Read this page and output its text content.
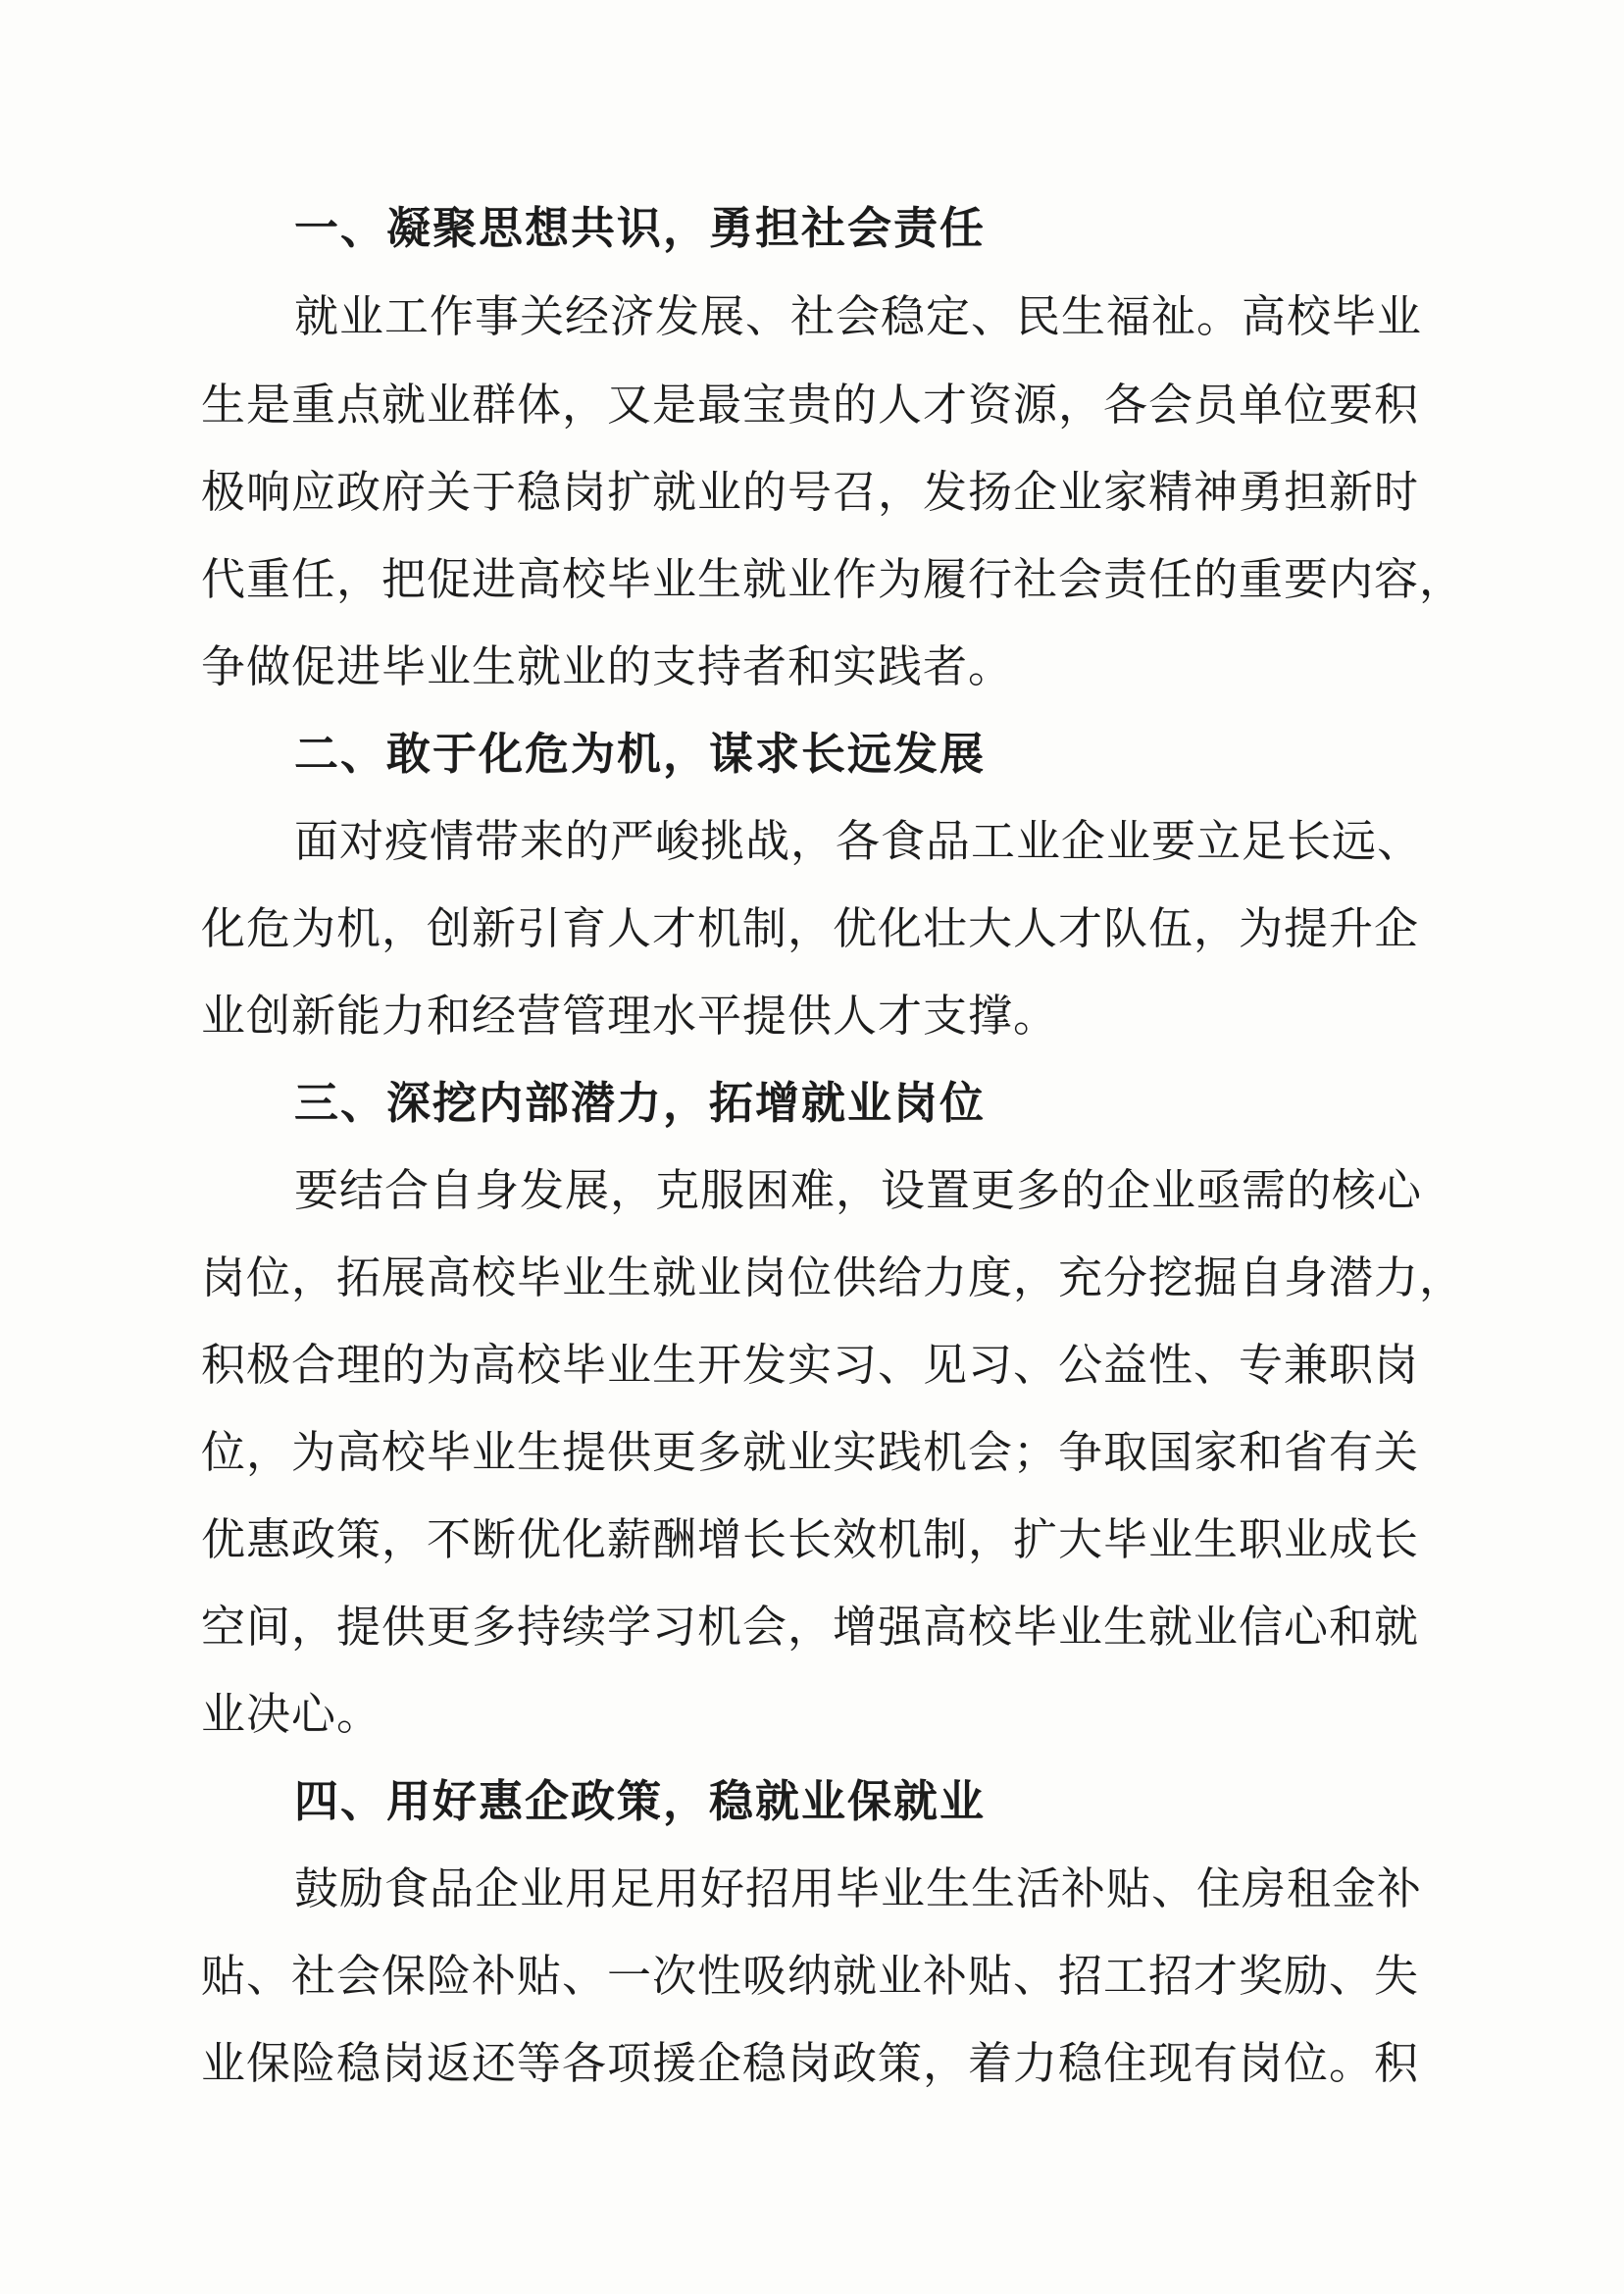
一、凝聚思想共识，勇担社会责任
就业工作事关经济发展、社会稳定、民生福祉。高校毕业
生是重点就业群体，又是最宝贵的人才资源，各会员单位要积
极响应政府关于稳岗扩就业的号召，发扬企业家精神勇担新时
代重任，把促进高校毕业生就业作为履行社会责任的重要内容，
争做促进毕业生就业的支持者和实践者。
二、敢于化危为机，谋求长远发展
面对疫情带来的严峻挑战，各食品工业企业要立足长远、
化危为机，创新引育人才机制，优化壮大人才队伍，为提升企
业创新能力和经营管理水平提供人才支撑。
三、深挖内部潜力，拓增就业岗位
要结合自身发展，克服困难，设置更多的企业亟需的核心
岗位，拓展高校毕业生就业岗位供给力度，充分挖掘自身潜力，
积极合理的为高校毕业生开发实习、见习、公益性、专兼职岗
位，为高校毕业生提供更多就业实践机会；争取国家和省有关
优惠政策，不断优化薪酬增长长效机制，扩大毕业生职业成长
空间，提供更多持续学习机会，增强高校毕业生就业信心和就
业决心。
四、用好惠企政策，稳就业保就业
鼓励食品企业用足用好招用毕业生生活补贴、住房租金补
贴、社会保险补贴、一次性吸纳就业补贴、招工招才奖励、失
业保险稳岗返还等各项援企稳岗政策，着力稳住现有岗位。积
